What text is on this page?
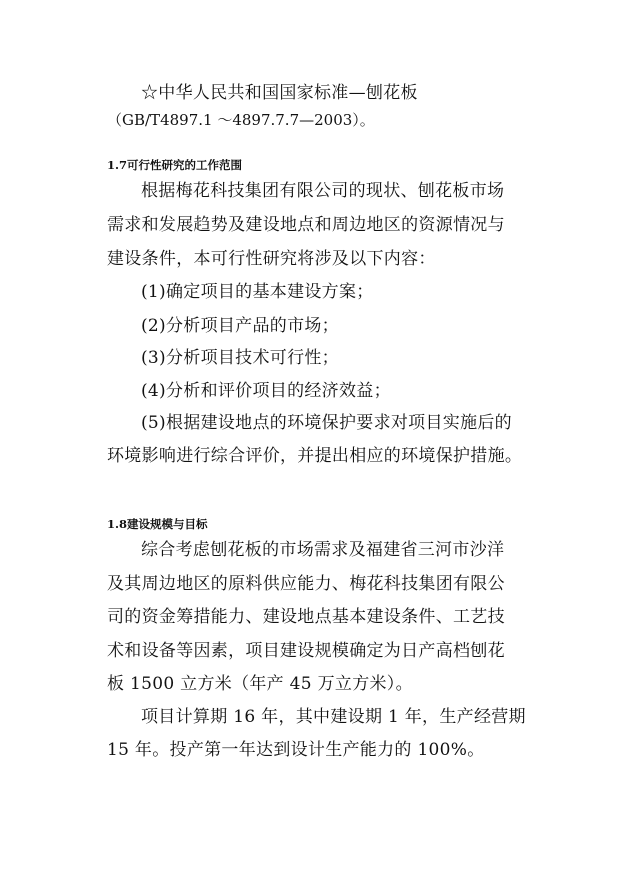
☆中华人民共和国国家标准—刨花板
（GB/T4897.1 ～4897.7.7—2003）。
1.7可行性研究的工作范围
根据梅花科技集团有限公司的现状、刨花板市场
需求和发展趋势及建设地点和周边地区的资源情况与
建设条件，本可行性研究将涉及以下内容：
(1)确定项目的基本建设方案；
(2)分析项目产品的市场；
(3)分析项目技术可行性；
(4)分析和评价项目的经济效益；
(5)根据建设地点的环境保护要求对项目实施后的
环境影响进行综合评价，并提出相应的环境保护措施。
1.8建设规模与目标
综合考虑刨花板的市场需求及福建省三河市沙洋
及其周边地区的原料供应能力、梅花科技集团有限公
司的资金筹措能力、建设地点基本建设条件、工艺技
术和设备等因素，项目建设规模确定为日产高档刨花
板 1500 立方米（年产 45 万立方米）。
项目计算期 16 年，其中建设期 1 年，生产经营期
15 年。投产第一年达到设计生产能力的 100%。
